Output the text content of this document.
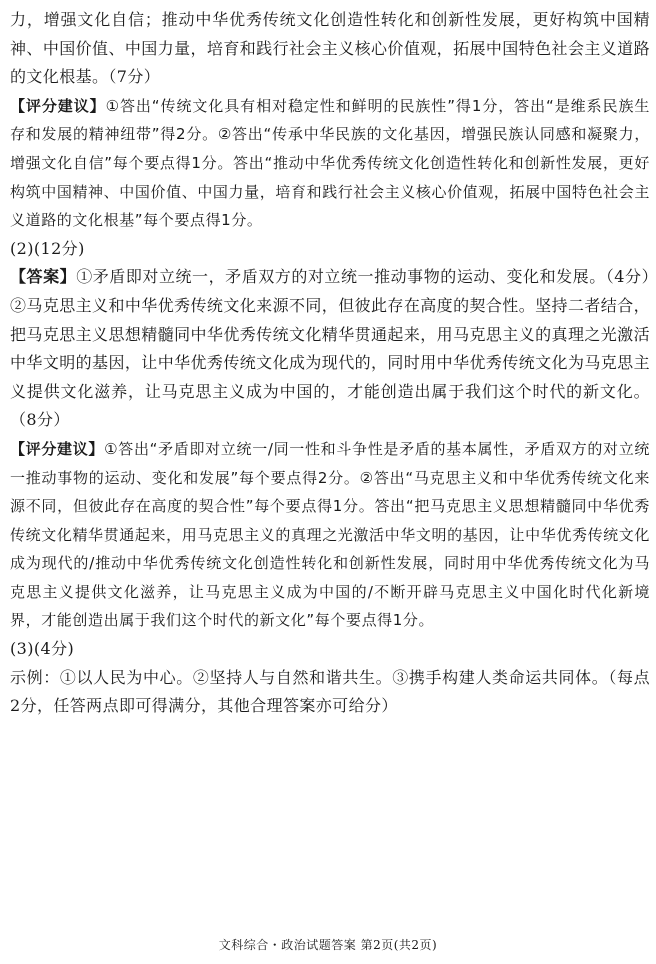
力，增强文化自信；推动中华优秀传统文化创造性转化和创新性发展，更好构筑中国精神、中国价值、中国力量，培育和践行社会主义核心价值观，拓展中国特色社会主义道路的文化根基。（7分）

【评分建议】①答出“传统文化具有相对稳定性和鲜明的民族性”得1分，答出“是维系民族生存和发展的精神纽带”得2分。②答出“传承中华民族的文化基因，增强民族认同感和凝聚力，增强文化自信”每个要点得1分。答出“推动中华优秀传统文化创造性转化和创新性发展，更好构筑中国精神、中国价值、中国力量，培育和践行社会主义核心价值观，拓展中国特色社会主义道路的文化根基”每个要点得1分。

(2)(12分)

【答案】①矛盾即对立统一，矛盾双方的对立统一推动事物的运动、变化和发展。（4分）②马克思主义和中华优秀传统文化来源不同，但彼此存在高度的契合性。坚持二者结合，把马克思主义思想精髓同中华优秀传统文化精华贯通起来，用马克思主义的真理之光激活中华文明的基因，让中华优秀传统文化成为现代的，同时用中华优秀传统文化为马克思主义提供文化滋养，让马克思主义成为中国的，才能创造出属于我们这个时代的新文化。（8分）

【评分建议】①答出“矛盾即对立统一/同一性和斗争性是矛盾的基本属性，矛盾双方的对立统一推动事物的运动、变化和发展”每个要点得2分。②答出“马克思主义和中华优秀传统文化来源不同，但彼此存在高度的契合性”每个要点得1分。答出“把马克思主义思想精髓同中华优秀传统文化精华贯通起来，用马克思主义的真理之光激活中华文明的基因，让中华优秀传统文化成为现代的/推动中华优秀传统文化创造性转化和创新性发展，同时用中华优秀传统文化为马克思主义提供文化滋养，让马克思主义成为中国的/不断开辟马克思主义中国化时代化新境界，才能创造出属于我们这个时代的新文化”每个要点得1分。

(3)(4分)

示例：①以人民为中心。②坚持人与自然和谐共生。③携手构建人类命运共同体。（每点2分，任答两点即可得满分，其他合理答案亦可给分）

文科综合・政治试题答案 第2页(共2页)
